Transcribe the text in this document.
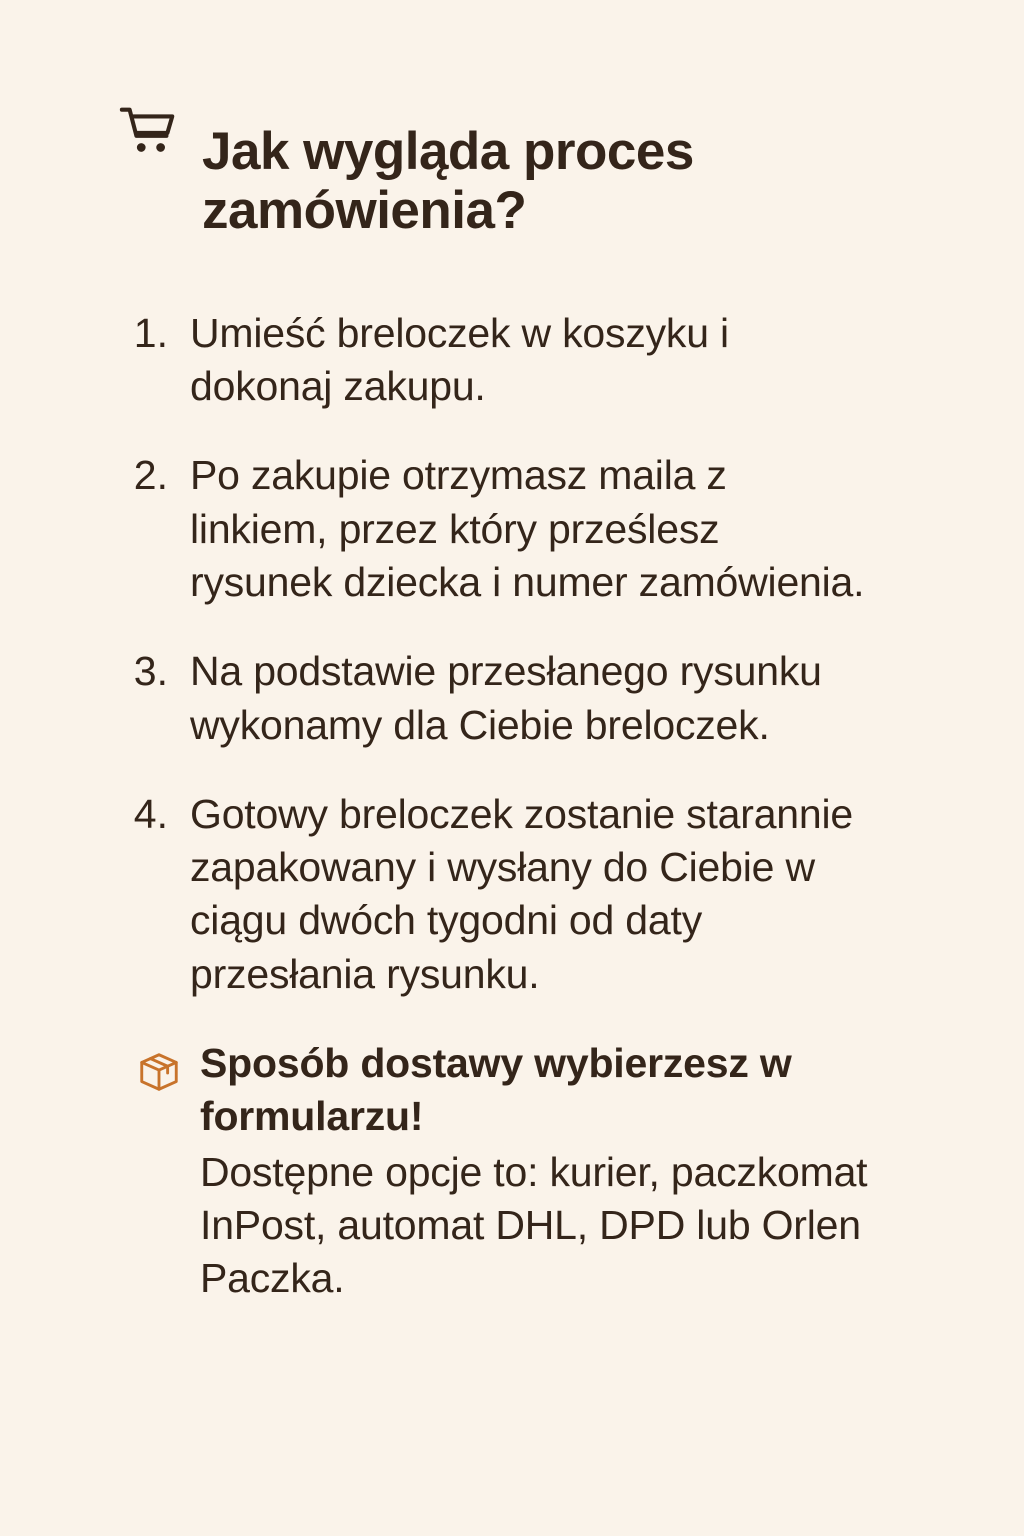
Jak wygląda proces zamówienia?
1. Umieść breloczek w koszyku i dokonaj zakupu.
2. Po zakupie otrzymasz maila z linkiem, przez który prześlesz rysunek dziecka i numer zamówienia.
3. Na podstawie przesłanego rysunku wykonamy dla Ciebie breloczek.
4. Gotowy breloczek zostanie starannie zapakowany i wysłany do Ciebie w ciągu dwóch tygodni od daty przesłania rysunku.
Sposób dostawy wybierzesz w formularzu!
Dostępne opcje to: kurier, paczkomat InPost, automat DHL, DPD lub Orlen Paczka.
